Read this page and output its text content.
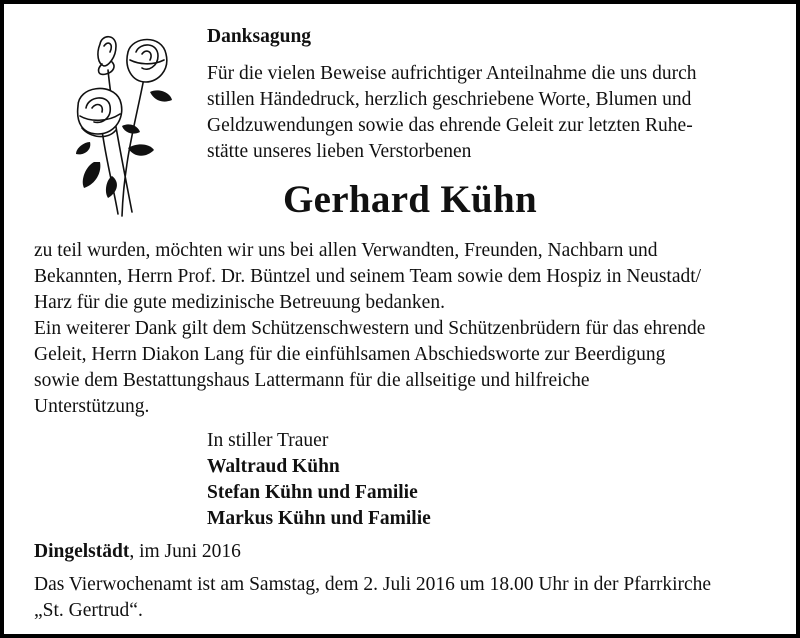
Danksagung
Für die vielen Beweise aufrichtiger Anteilnahme die uns durch
stillen Händedruck, herzlich geschriebene Worte, Blumen und
Geldzuwendungen sowie das ehrende Geleit zur letzten Ruhe-
stätte unseres lieben Verstorbenen
Gerhard Kühn
zu teil wurden, möchten wir uns bei allen Verwandten, Freunden, Nachbarn und
Bekannten, Herrn Prof. Dr. Büntzel und seinem Team sowie dem Hospiz in Neustadt/
Harz für die gute medizinische Betreuung bedanken.
Ein weiterer Dank gilt dem Schützenschwestern und Schützenbrüdern für das ehrende
Geleit, Herrn Diakon Lang für die einfühlsamen Abschiedsworte zur Beerdigung
sowie dem Bestattungshaus Lattermann für die allseitige und hilfreiche
Unterstützung.
In stiller Trauer
Waltraud Kühn
Stefan Kühn und Familie
Markus Kühn und Familie
Dingelstädt, im Juni 2016
Das Vierwochenamt ist am Samstag, dem 2. Juli 2016 um 18.00 Uhr in der Pfarrkirche
„St. Gertrud“.
